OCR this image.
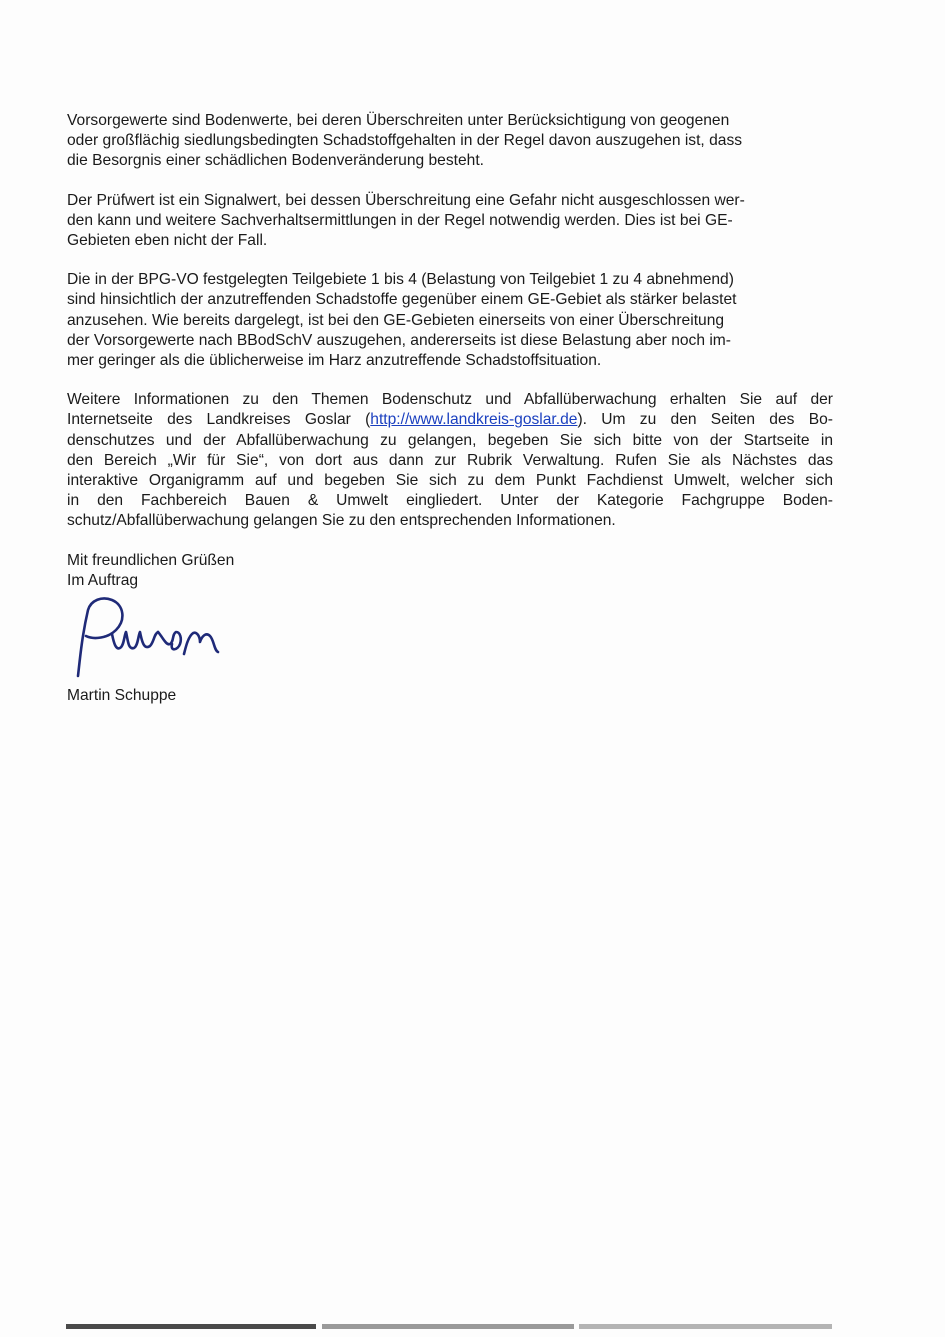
Vorsorgewerte sind Bodenwerte, bei deren Überschreiten unter Berücksichtigung von geogenen
oder großflächig siedlungsbedingten Schadstoffgehalten in der Regel davon auszugehen ist, dass
die Besorgnis einer schädlichen Bodenveränderung besteht.

Der Prüfwert ist ein Signalwert, bei dessen Überschreitung eine Gefahr nicht ausgeschlossen wer-
den kann und weitere Sachverhaltsermittlungen in der Regel notwendig werden. Dies ist bei GE-
Gebieten eben nicht der Fall.

Die in der BPG-VO festgelegten Teilgebiete 1 bis 4 (Belastung von Teilgebiet 1 zu 4 abnehmend)
sind hinsichtlich der anzutreffenden Schadstoffe gegenüber einem GE-Gebiet als stärker belastet
anzusehen. Wie bereits dargelegt, ist bei den GE-Gebieten einerseits von einer Überschreitung
der Vorsorgewerte nach BBodSchV auszugehen, andererseits ist diese Belastung aber noch im-
mer geringer als die üblicherweise im Harz anzutreffende Schadstoffsituation.

Weitere Informationen zu den Themen Bodenschutz und Abfallüberwachung erhalten Sie auf der
Internetseite des Landkreises Goslar (http://www.landkreis-goslar.de). Um zu den Seiten des Bo-
denschutzes und der Abfallüberwachung zu gelangen, begeben Sie sich bitte von der Startseite in
den Bereich „Wir für Sie“, von dort aus dann zur Rubrik Verwaltung. Rufen Sie als Nächstes das
interaktive Organigramm auf und begeben Sie sich zu dem Punkt Fachdienst Umwelt, welcher sich
in den Fachbereich Bauen & Umwelt eingliedert. Unter der Kategorie Fachgruppe Boden-
schutz/Abfallüberwachung gelangen Sie zu den entsprechenden Informationen.

Mit freundlichen Grüßen

Im Auftrag

Martin Schuppe
